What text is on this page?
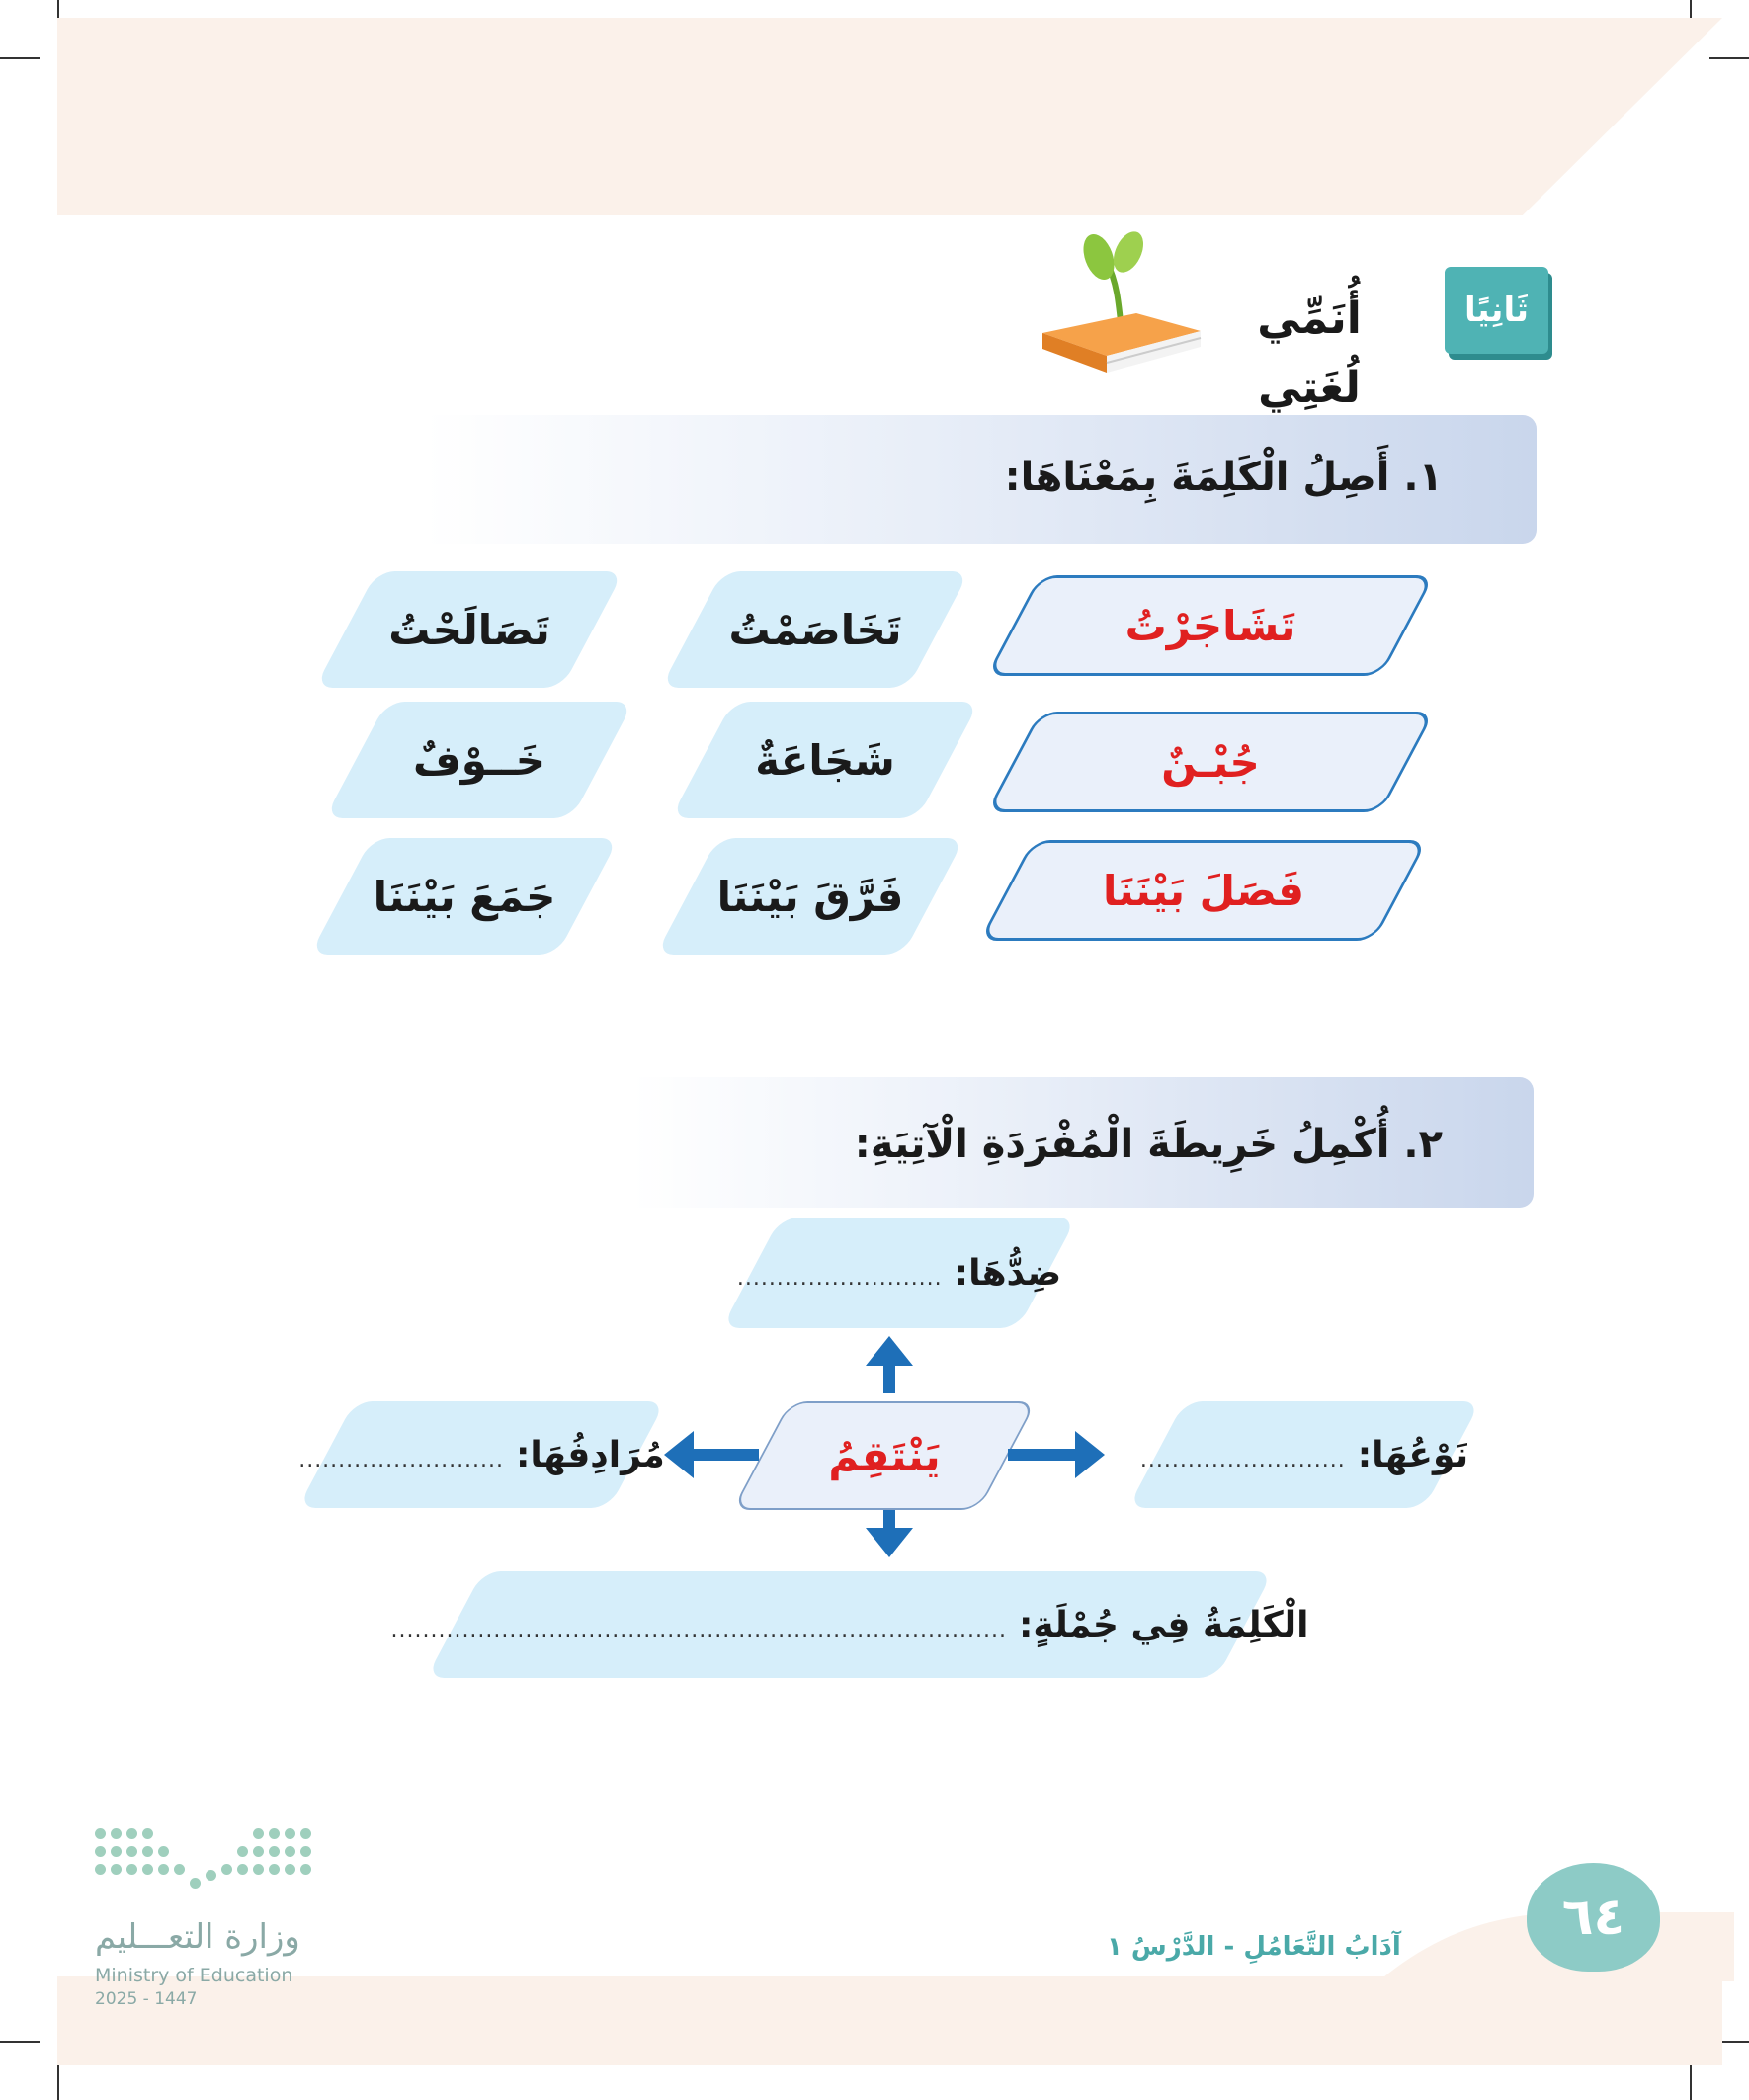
ثَانِيًا
أُنَمِّي لُغَتِي
١. أَصِلُ الْكَلِمَةَ بِمَعْنَاهَا:
تَشَاجَرْتُ
جُبْـنٌ
فَصَلَ بَيْنَنَا
تَخَاصَمْتُ
شَجَاعَةٌ
فَرَّقَ بَيْنَنَا
تَصَالَحْتُ
خَــوْفٌ
جَمَعَ بَيْنَنَا
٢. أُكْمِلُ خَرِيطَةَ الْمُفْرَدَةِ الْآتِيَةِ:
ضِدُّهَا:
..........................
نَوْعُهَا:
..........................
مُرَادِفُهَا:
..........................	يَنْتَقِمُ
الْكَلِمَةُ فِي جُمْلَةٍ:
..............................................................................
آدَابُ التَّعَامُلِ - الدَّرْسُ ١	٦٤
وزارة التعـــليم
Ministry of Education
2025 - 1447
